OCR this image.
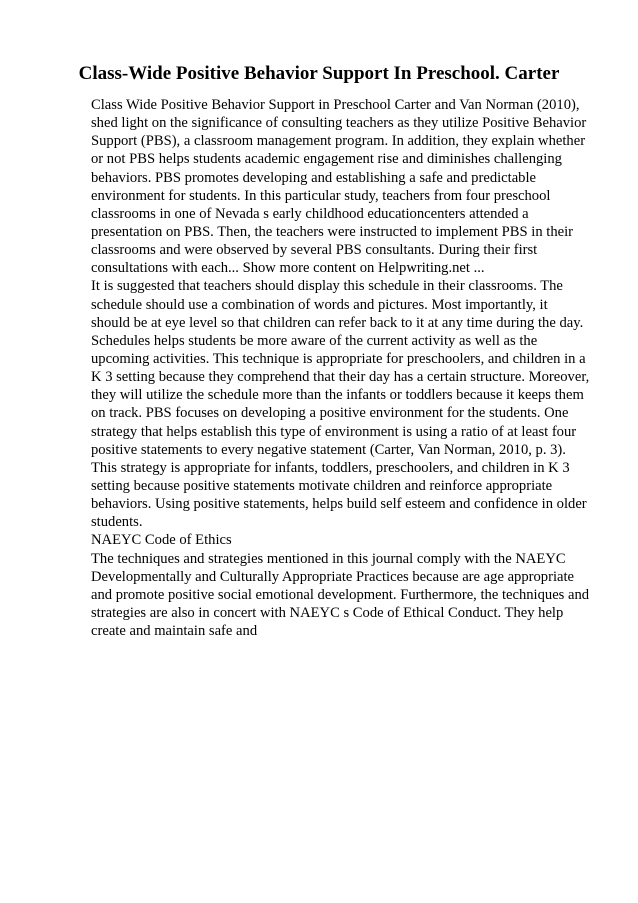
Class-Wide Positive Behavior Support In Preschool. Carter
Class Wide Positive Behavior Support in Preschool Carter and Van Norman (2010),
shed light on the significance of consulting teachers as they utilize Positive Behavior
Support (PBS), a classroom management program. In addition, they explain whether
or not PBS helps students academic engagement rise and diminishes challenging
behaviors. PBS promotes developing and establishing a safe and predictable
environment for students. In this particular study, teachers from four preschool
classrooms in one of Nevada s early childhood educationcenters attended a
presentation on PBS. Then, the teachers were instructed to implement PBS in their
classrooms and were observed by several PBS consultants. During their first
consultations with each... Show more content on Helpwriting.net ...
It is suggested that teachers should display this schedule in their classrooms. The
schedule should use a combination of words and pictures. Most importantly, it
should be at eye level so that children can refer back to it at any time during the day.
Schedules helps students be more aware of the current activity as well as the
upcoming activities. This technique is appropriate for preschoolers, and children in a
K 3 setting because they comprehend that their day has a certain structure. Moreover,
they will utilize the schedule more than the infants or toddlers because it keeps them
on track. PBS focuses on developing a positive environment for the students. One
strategy that helps establish this type of environment is using a ratio of at least four
positive statements to every negative statement (Carter, Van Norman, 2010, p. 3).
This strategy is appropriate for infants, toddlers, preschoolers, and children in K 3
setting because positive statements motivate children and reinforce appropriate
behaviors. Using positive statements, helps build self esteem and confidence in older
students.
NAEYC Code of Ethics
The techniques and strategies mentioned in this journal comply with the NAEYC
Developmentally and Culturally Appropriate Practices because are age appropriate
and promote positive social emotional development. Furthermore, the techniques and
strategies are also in concert with NAEYC s Code of Ethical Conduct. They help
create and maintain safe and
